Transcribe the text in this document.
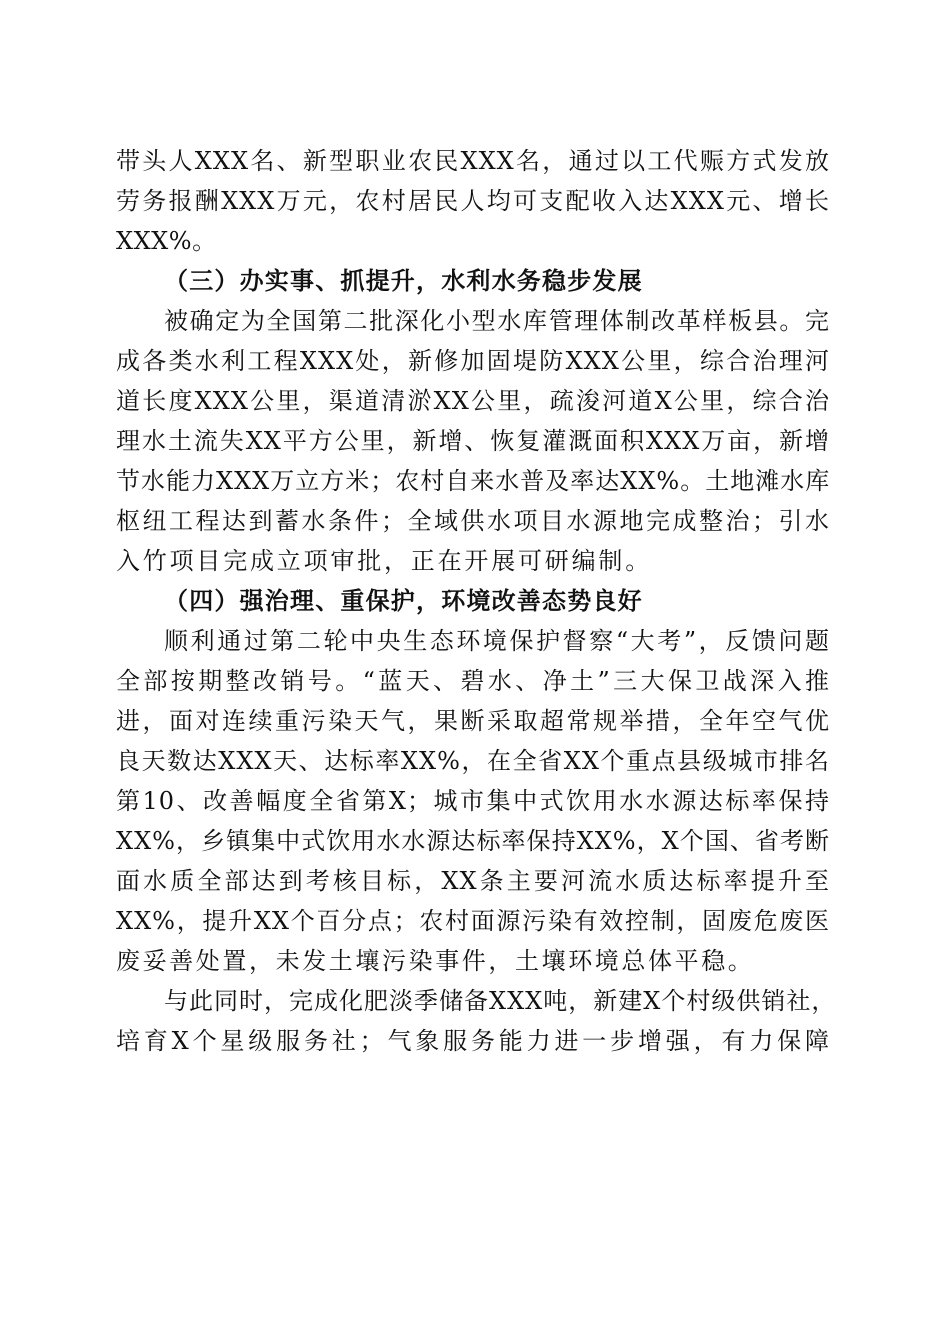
带头人XXX名、新型职业农民XXX名，通过以工代赈方式发放
劳务报酬XXX万元，农村居民人均可支配收入达XXX元、增长
XXX%。
（三）办实事、抓提升，水利水务稳步发展
被确定为全国第二批深化小型水库管理体制改革样板县。完
成各类水利工程XXX处，新修加固堤防XXX公里，综合治理河
道长度XXX公里，渠道清淤XX公里，疏浚河道X公里，综合治
理水土流失XX平方公里，新增、恢复灌溉面积XXX万亩，新增
节水能力XXX万立方米；农村自来水普及率达XX%。土地滩水库
枢纽工程达到蓄水条件；全域供水项目水源地完成整治；引水
入竹项目完成立项审批，正在开展可研编制。
（四）强治理、重保护，环境改善态势良好
顺利通过第二轮中央生态环境保护督察“大考”，反馈问题
全部按期整改销号。“蓝天、碧水、净土”三大保卫战深入推
进，面对连续重污染天气，果断采取超常规举措，全年空气优
良天数达XXX天、达标率XX%，在全省XX个重点县级城市排名
第10、改善幅度全省第X；城市集中式饮用水水源达标率保持
XX%，乡镇集中式饮用水水源达标率保持XX%，X个国、省考断
面水质全部达到考核目标，XX条主要河流水质达标率提升至
XX%，提升XX个百分点；农村面源污染有效控制，固废危废医
废妥善处置，未发土壤污染事件，土壤环境总体平稳。
与此同时，完成化肥淡季储备XXX吨，新建X个村级供销社，
培育X个星级服务社；气象服务能力进一步增强，有力保障
